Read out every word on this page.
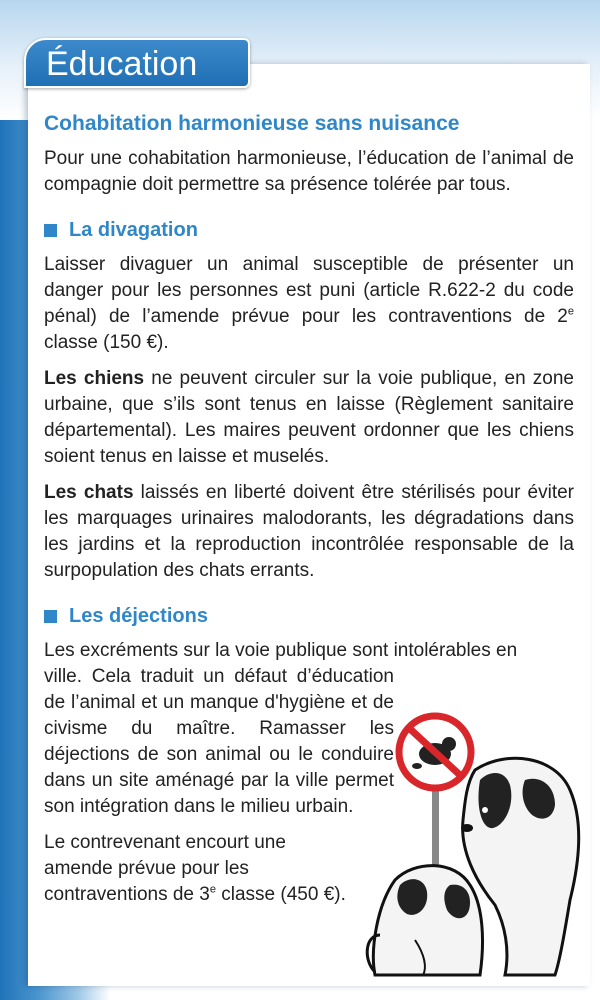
Éducation
Cohabitation harmonieuse sans nuisance

Pour une cohabitation harmonieuse, l’éducation de l’animal de compagnie doit permettre sa présence tolérée par tous.

La divagation

Laisser divaguer un animal susceptible de présenter un danger pour les personnes est puni (article R.622-2 du code pénal) de l’amende prévue pour les contraventions de 2e classe (150 €).

Les chiens ne peuvent circuler sur la voie publique, en zone urbaine, que s’ils sont tenus en laisse (Règlement sanitaire départemental). Les maires peuvent ordonner que les chiens soient tenus en laisse et muselés.

Les chats laissés en liberté doivent être stérilisés pour éviter les marquages urinaires malodorants, les dégradations dans les jardins et la reproduction incontrôlée responsable de la surpopulation des chats errants.

Les déjections

Les excréments sur la voie publique sont intolérables en

ville. Cela traduit un défaut d’éducation de l’animal et un manque d'hygiène et de civisme du maître. Ramasser les déjections de son animal ou le conduire dans un site aménagé par la ville permet son intégration dans le milieu urbain.

Le contrevenant encourt une amende prévue pour les contraventions de 3e classe (450 €).
